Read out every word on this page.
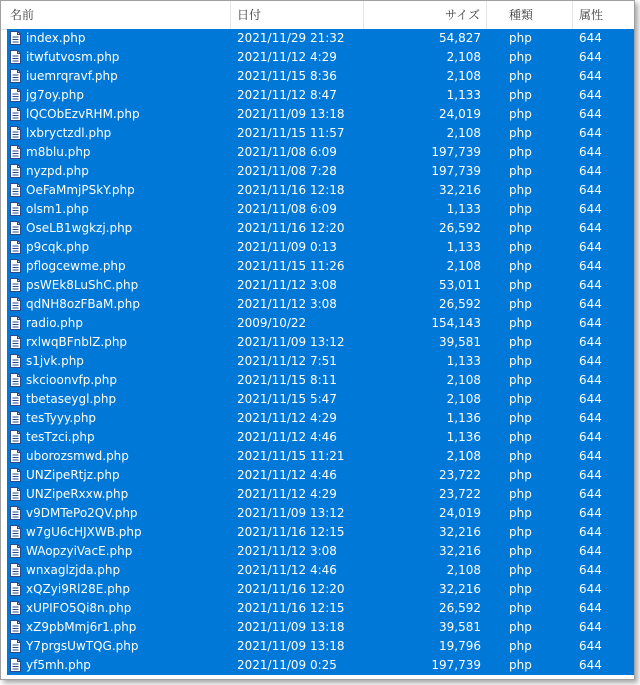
名前	日付	サイズ 種類	属性
index.php	2021/11/29 21:32	54,827 php	644
itwfutvosm.php	2021/11/12 4:29	2,108 php	644
iuemrqravf.php	2021/11/15 8:36	2,108 php	644
jg7oy.php	2021/11/12 8:47	1,133 php	644
lQCObEzvRHM.php	2021/11/09 13:18	24,019 php	644
lxbryctzdl.php	2021/11/15 11:57	2,108 php	644
m8blu.php	2021/11/08 6:09	197,739 php	644
nyzpd.php	2021/11/08 7:28	197,739 php	644
OeFaMmjPSkY.php	2021/11/16 12:18	32,216 php	644
olsm1.php	2021/11/08 6:09	1,133 php	644
OseLB1wgkzj.php	2021/11/16 12:20	26,592 php	644
p9cqk.php	2021/11/09 0:13	1,133 php	644
pflogcewme.php	2021/11/15 11:26	2,108 php	644
psWEk8LuShC.php	2021/11/12 3:08	53,011 php	644
qdNH8ozFBaM.php	2021/11/12 3:08	26,592 php	644
radio.php	2009/10/22	154,143 php	644
rxlwqBFnblZ.php	2021/11/09 13:12	39,581 php	644
s1jvk.php	2021/11/12 7:51	1,133 php	644
skcioonvfp.php	2021/11/15 8:11	2,108 php	644
tbetaseygl.php	2021/11/15 5:47	2,108 php	644
tesTyyy.php	2021/11/12 4:29	1,136 php	644
tesTzci.php	2021/11/12 4:46	1,136 php	644
uborozsmwd.php	2021/11/15 11:21	2,108 php	644
UNZipeRtjz.php	2021/11/12 4:46	23,722 php	644
UNZipeRxxw.php	2021/11/12 4:29	23,722 php	644
v9DMTePo2QV.php	2021/11/09 13:12	24,019 php	644
w7gU6cHJXWB.php	2021/11/16 12:15	32,216 php	644
WAopzyiVacE.php	2021/11/12 3:08	32,216 php	644
wnxaglzjda.php	2021/11/12 4:46	2,108 php	644
xQZyi9Rl28E.php	2021/11/16 12:20	32,216 php	644
xUPIFO5Qi8n.php	2021/11/16 12:15	26,592 php	644
xZ9pbMmj6r1.php	2021/11/09 13:18	39,581 php	644
Y7prgsUwTQG.php	2021/11/09 13:18	19,796 php	644
yf5mh.php	2021/11/09 0:25	197,739 php	644
